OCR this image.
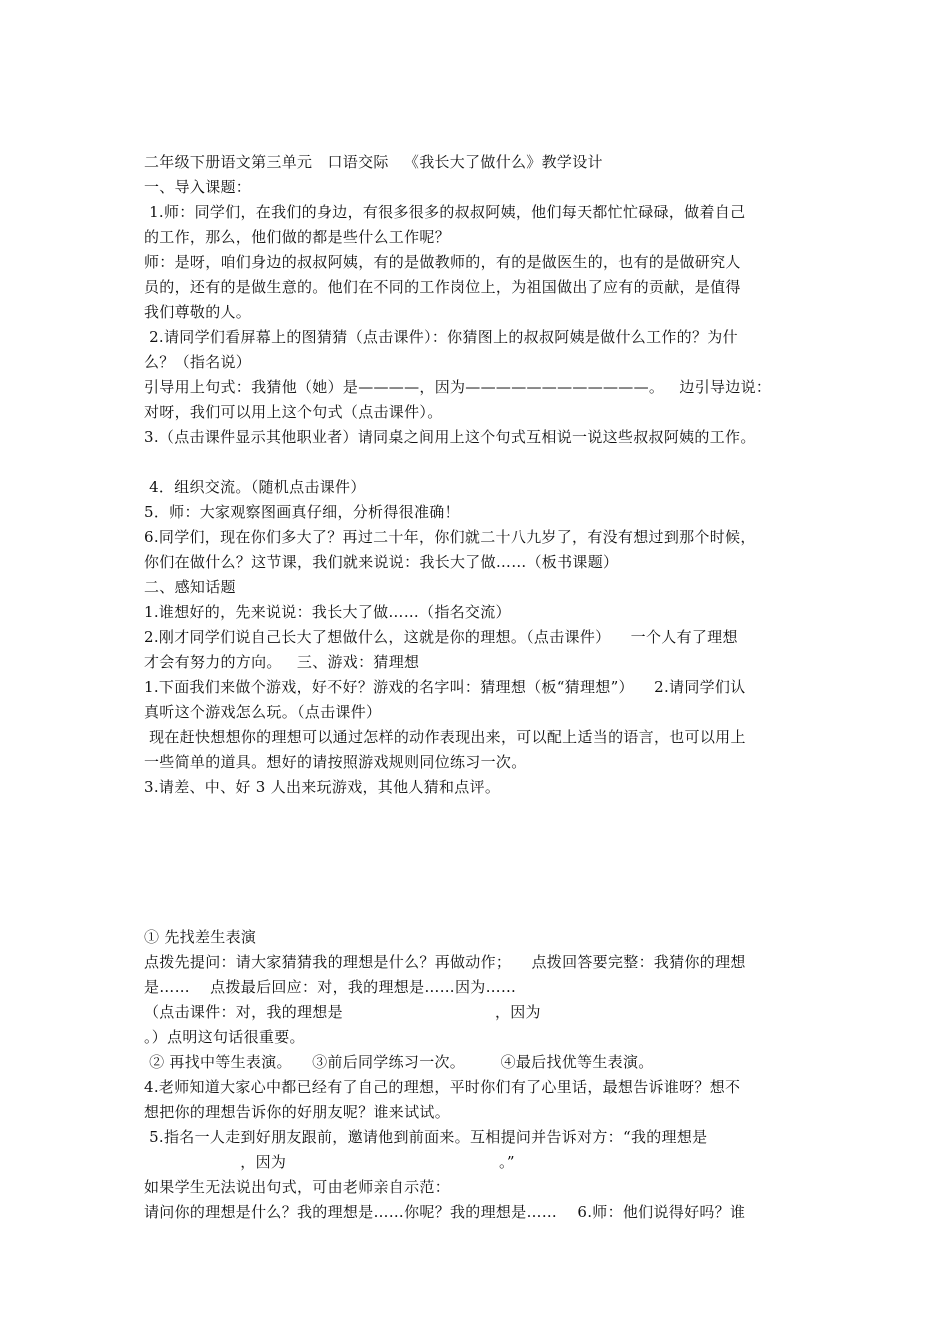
二年级下册语文第三单元   口语交际   《我长大了做什么》教学设计
一、导入课题：
1.师：同学们，在我们的身边，有很多很多的叔叔阿姨，他们每天都忙忙碌碌，做着自己
的工作，那么，他们做的都是些什么工作呢？
师：是呀，咱们身边的叔叔阿姨，有的是做教师的，有的是做医生的，也有的是做研究人
员的，还有的是做生意的。他们在不同的工作岗位上，为祖国做出了应有的贡献，是值得
我们尊敬的人。
2.请同学们看屏幕上的图猜猜（点击课件）：你猜图上的叔叔阿姨是做什么工作的？为什
么？（指名说）
引导用上句式：我猜他（她）是————，因为————————————。   边引导边说：
对呀，我们可以用上这个句式（点击课件）。
3.（点击课件显示其他职业者）请同桌之间用上这个句式互相说一说这些叔叔阿姨的工作。
4．组织交流。（随机点击课件）
5．师：大家观察图画真仔细，分析得很准确！
6.同学们，现在你们多大了？再过二十年，你们就二十八九岁了，有没有想过到那个时候，
你们在做什么？这节课，我们就来说说：我长大了做……（板书课题）
二、感知话题
1.谁想好的，先来说说：我长大了做……（指名交流）
2.刚才同学们说自己长大了想做什么，这就是你的理想。（点击课件）    一个人有了理想
才会有努力的方向。   三、游戏：猜理想
1.下面我们来做个游戏，好不好？游戏的名字叫：猜理想（板“猜理想”）    2.请同学们认
真听这个游戏怎么玩。（点击课件）
现在赶快想想你的理想可以通过怎样的动作表现出来，可以配上适当的语言，也可以用上
一些简单的道具。想好的请按照游戏规则同位练习一次。
3.请差、中、好 3 人出来玩游戏，其他人猜和点评。
① 先找差生表演
点拨先提问：请大家猜猜我的理想是什么？再做动作；    点拨回答要完整：我猜你的理想
是……    点拨最后回应：对，我的理想是……因为……
（点击课件：对，我的理想是                              ，因为
。）点明这句话很重要。
② 再找中等生表演。    ③前后同学练习一次。       ④最后找优等生表演。
4.老师知道大家心中都已经有了自己的理想，平时你们有了心里话，最想告诉谁呀？想不
想把你的理想告诉你的好朋友呢？谁来试试。
5.指名一人走到好朋友跟前，邀请他到前面来。互相提问并告诉对方：“我的理想是
，因为                                          。”
如果学生无法说出句式，可由老师亲自示范：
请问你的理想是什么？我的理想是……你呢？我的理想是……    6.师：他们说得好吗？谁
